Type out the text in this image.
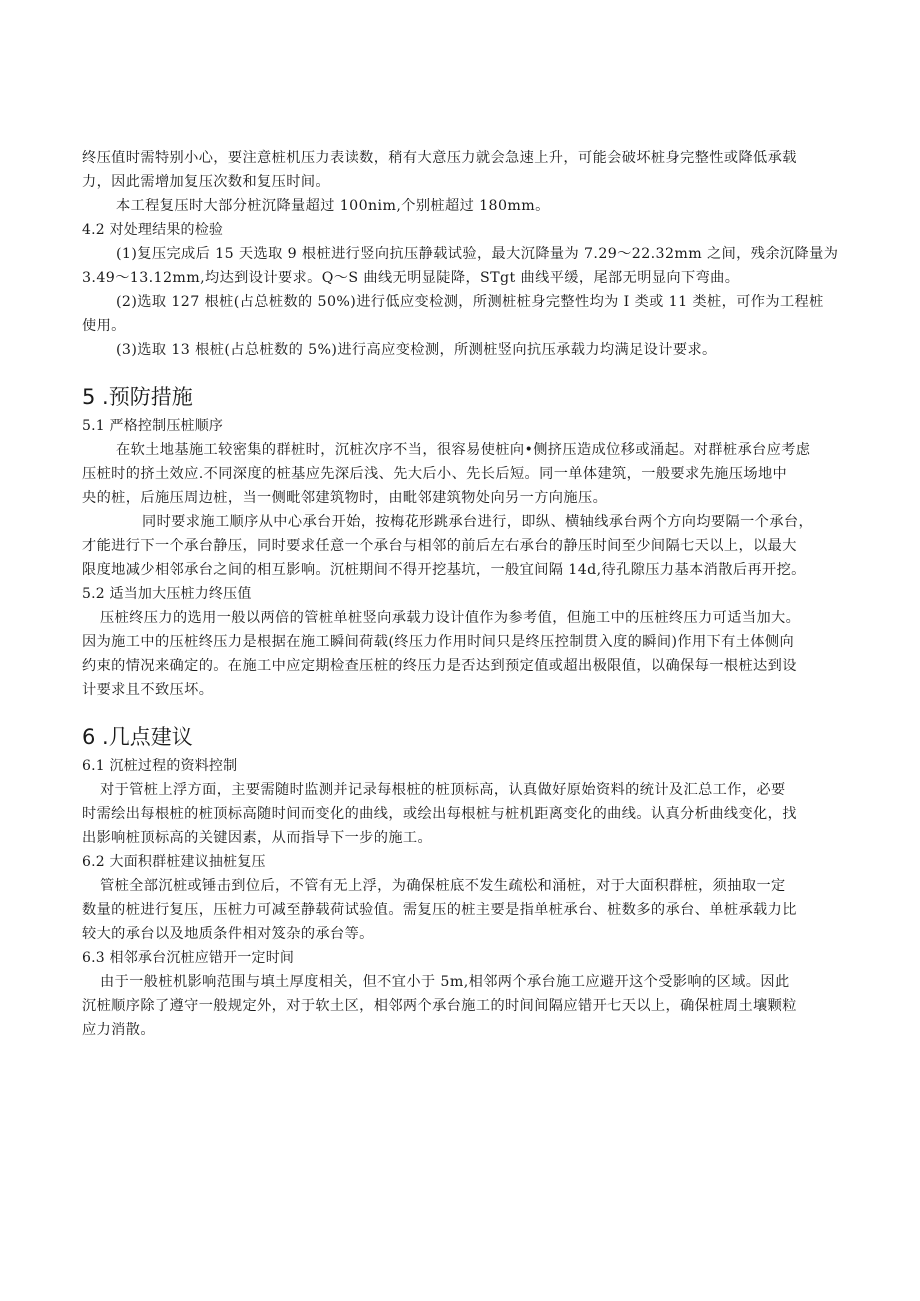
终压值时需特别小心，要注意桩机压力表读数，稍有大意压力就会急速上升，可能会破坏桩身完整性或降低承载
力，因此需增加复压次数和复压时间。
本工程复压时大部分桩沉降量超过 100nim,个别桩超过 180mm。
4.2 对处理结果的检验
(1)复压完成后 15 天选取 9 根桩进行竖向抗压静载试验，最大沉降量为 7.29～22.32mm 之间，残余沉降量为
3.49～13.12mm,均达到设计要求。Q～S 曲线无明显陡降，STgt 曲线平缓，尾部无明显向下弯曲。
(2)选取 127 根桩(占总桩数的 50%)进行低应变检测，所测桩桩身完整性均为 I 类或 11 类桩，可作为工程桩
使用。
(3)选取 13 根桩(占总桩数的 5%)进行高应变检测，所测桩竖向抗压承载力均满足设计要求。
5 .预防措施
5.1 严格控制压桩顺序
在软土地基施工较密集的群桩时，沉桩次序不当，很容易使桩向•侧挤压造成位移或涌起。对群桩承台应考虑
压桩时的挤土效应.不同深度的桩基应先深后浅、先大后小、先长后短。同一单体建筑，一般要求先施压场地中
央的桩，后施压周边桩，当一侧毗邻建筑物时，由毗邻建筑物处向另一方向施压。
同时要求施工顺序从中心承台开始，按梅花形跳承台进行，即纵、横轴线承台两个方向均要隔一个承台，
才能进行下一个承台静压，同时要求任意一个承台与相邻的前后左右承台的静压时间至少间隔七天以上，以最大
限度地减少相邻承台之间的相互影响。沉桩期间不得开挖基坑，一般宜间隔 14d,待孔隙压力基本消散后再开挖。
5.2 适当加大压桩力终压值
压桩终压力的选用一般以两倍的管桩单桩竖向承载力设计值作为参考值，但施工中的压桩终压力可适当加大。
因为施工中的压桩终压力是根据在施工瞬间荷载(终压力作用时间只是终压控制贯入度的瞬间)作用下有土体侧向
约束的情况来确定的。在施工中应定期检查压桩的终压力是否达到预定值或超出极限值，以确保每一根桩达到设
计要求且不致压坏。
6 .几点建议
6.1 沉桩过程的资料控制
对于管桩上浮方面，主要需随时监测并记录每根桩的桩顶标高，认真做好原始资料的统计及汇总工作，必要
时需绘出每根桩的桩顶标高随时间而变化的曲线，或绘出每根桩与桩机距离变化的曲线。认真分析曲线变化，找
出影响桩顶标高的关键因素，从而指导下一步的施工。
6.2 大面积群桩建议抽桩复压
管桩全部沉桩或锤击到位后，不管有无上浮，为确保桩底不发生疏松和涌桩，对于大面积群桩，须抽取一定
数量的桩进行复压，压桩力可减至静载荷试验值。需复压的桩主要是指单桩承台、桩数多的承台、单桩承载力比
较大的承台以及地质条件相对笈杂的承台等。
6.3 相邻承台沉桩应错开一定时间
由于一般桩机影响范围与填土厚度相关，但不宜小于 5m,相邻两个承台施工应避开这个受影响的区域。因此
沉桩顺序除了遵守一般规定外，对于软土区，相邻两个承台施工的时间间隔应错开七天以上，确保桩周土壤颗粒
应力消散。
